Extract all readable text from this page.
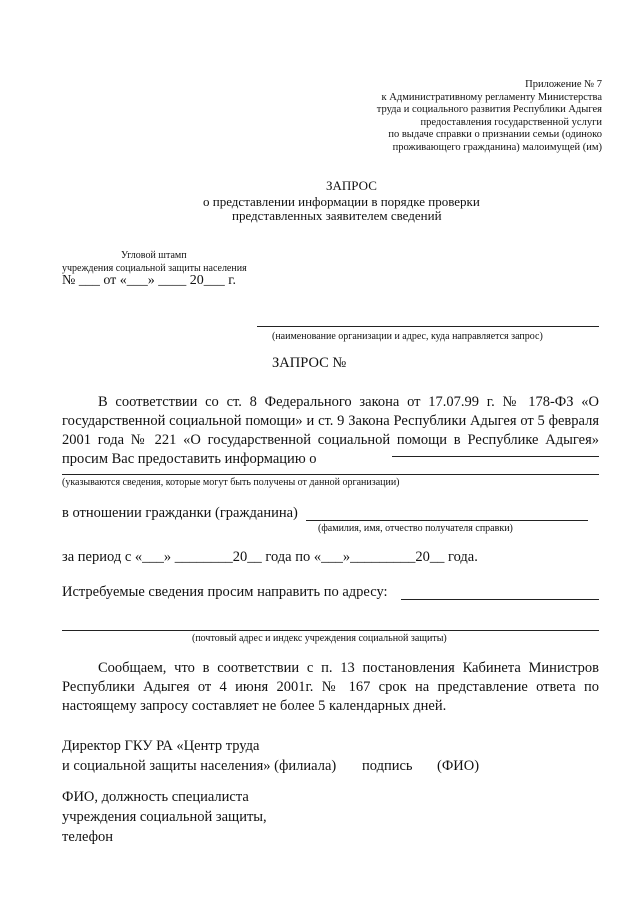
Приложение № 7
к Административному регламенту Министерства
труда и социального развития Республики Адыгея
предоставления государственной услуги
по выдаче справки о признании семьи (одиноко
проживающего гражданина) малоимущей (им)
ЗАПРОС
о представлении информации в порядке проверки
представленных заявителем сведений
Угловой штамп
учреждения социальной защиты населения
№ ___ от «___» ____ 20___ г.
(наименование организации и адрес, куда направляется запрос)
ЗАПРОС №
В соответствии со ст. 8 Федерального закона от 17.07.99 г. № 178-ФЗ «О государственной социальной помощи» и ст. 9 Закона Республики Адыгея от 5 февраля 2001 года № 221 «О государственной социальной помощи в Республике Адыгея» просим Вас предоставить информацию о
(указываются сведения, которые могут быть получены от данной организации)
в отношении гражданки (гражданина)
(фамилия, имя, отчество получателя справки)
за период с «___» ________20__ года по «___»_________20__ года.
Истребуемые сведения просим направить по адресу:
(почтовый адрес и индекс учреждения социальной защиты)
Сообщаем, что в соответствии с п. 13 постановления Кабинета Министров Республики Адыгея от 4 июня 2001г. № 167 срок на представление ответа по настоящему запросу составляет не более 5 календарных дней.
Директор ГКУ РА «Центр труда
и социальной защиты населения» (филиала) подпись (ФИО)
ФИО, должность специалиста
учреждения социальной защиты,
телефон
